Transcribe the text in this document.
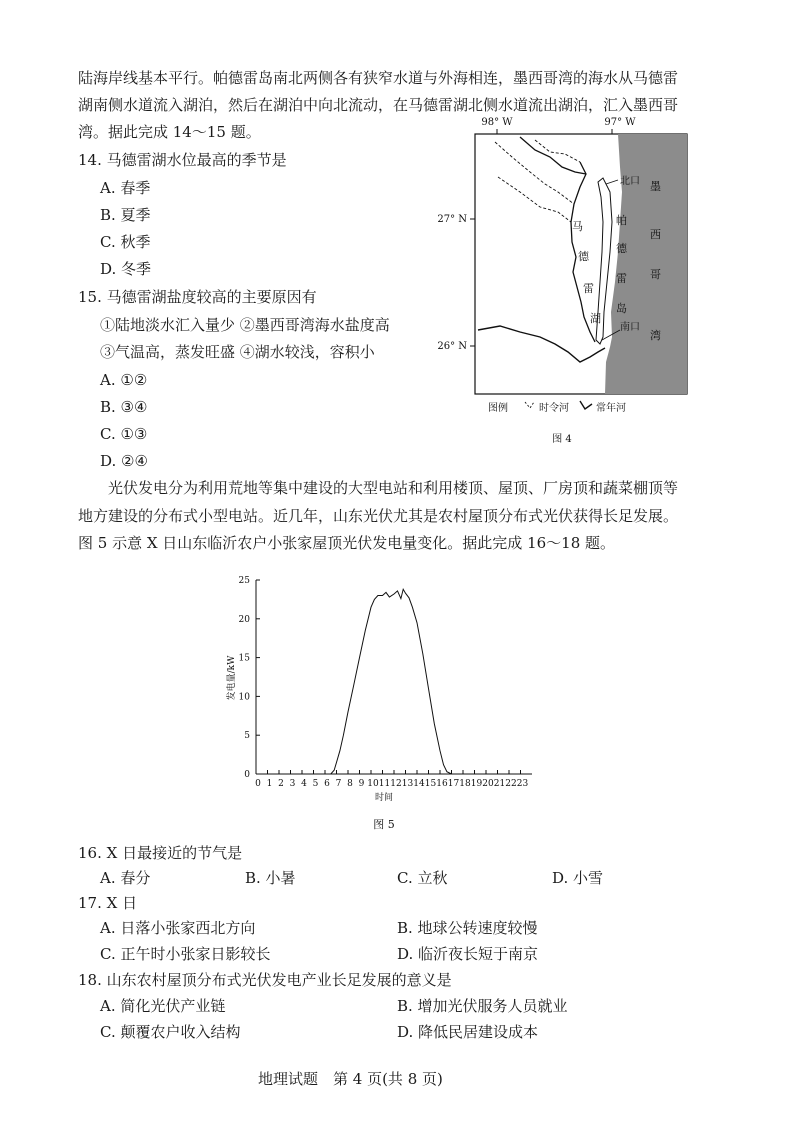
陆海岸线基本平行。帕德雷岛南北两侧各有狭窄水道与外海相连，墨西哥湾的海水从马德雷
湖南侧水道流入湖泊，然后在湖泊中向北流动，在马德雷湖北侧水道流出湖泊，汇入墨西哥
湾。据此完成 14～15 题。
14. 马德雷湖水位最高的季节是
A. 春季
B. 夏季
C. 秋季
D. 冬季
15. 马德雷湖盐度较高的主要原因有
①陆地淡水汇入量少 ②墨西哥湾海水盐度高
③气温高，蒸发旺盛 ④湖水较浅，容积小
A. ①②
B. ③④
C. ①③
D. ②④
98° W	97° W
27° N
26° N
北口
南口
墨
西
哥
湾
帕
德
雷
岛
马
德
雷
湖
图例	时令河	常年河
图 4
光伏发电分为利用荒地等集中建设的大型电站和利用楼顶、屋顶、厂房顶和蔬菜棚顶等
地方建设的分布式小型电站。近几年，山东光伏尤其是农村屋顶分布式光伏获得长足发展。
图 5 示意 X 日山东临沂农户小张家屋顶光伏发电量变化。据此完成 16～18 题。
0
5
10
15
20
25
0 1 2 3 4 5 6 7 8 9 10 11 12 13 14 15 16 17 18 19 20 21 22 23
发电量/kW
时间
图 5
16. X 日最接近的节气是
A. 春分	B. 小暑	C. 立秋	D. 小雪
17. X 日
A. 日落小张家西北方向	B. 地球公转速度较慢
C. 正午时小张家日影较长	D. 临沂夜长短于南京
18. 山东农村屋顶分布式光伏发电产业长足发展的意义是
A. 简化光伏产业链	B. 增加光伏服务人员就业
C. 颠覆农户收入结构	D. 降低民居建设成本
地理试题　第 4 页(共 8 页)
